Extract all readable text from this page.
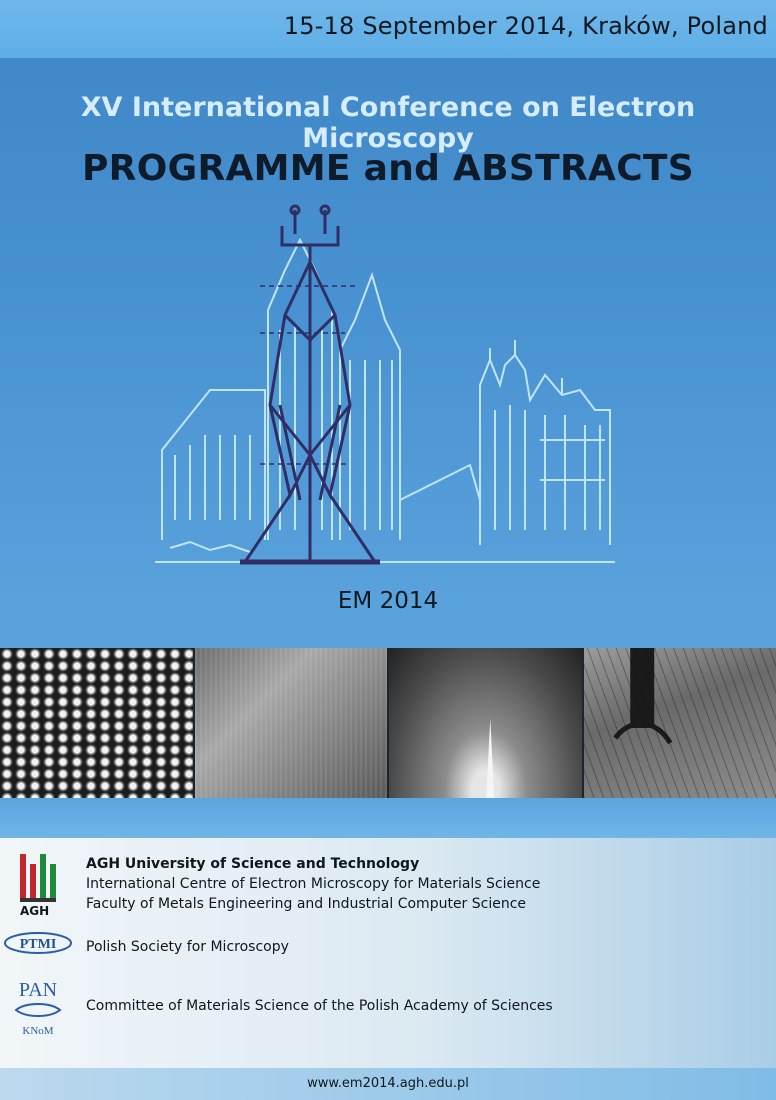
15-18 September 2014, Kraków, Poland
XV International Conference on Electron Microscopy
PROGRAMME and ABSTRACTS
EM 2014
AGH
AGH University of Science and Technology
International Centre of Electron Microscopy for Materials Science
Faculty of Metals Engineering and Industrial Computer Science
PTMI Polish Society for Microscopy
PAN
KNoM
Committee of Materials Science of the Polish Academy of Sciences
www.em2014.agh.edu.pl
